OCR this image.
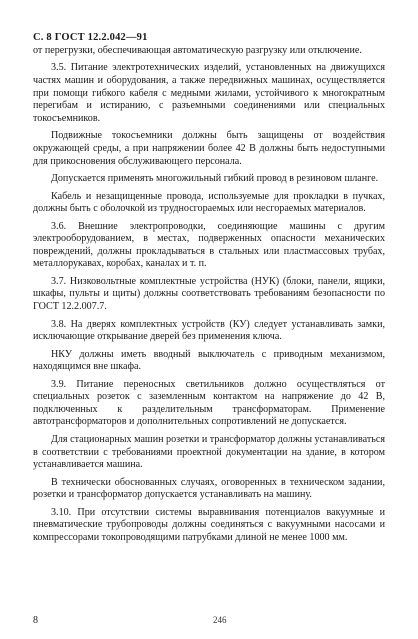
С. 8 ГОСТ 12.2.042—91

от перегрузки, обеспечивающая автоматическую разгрузку или отключение.

3.5. Питание электротехнических изделий, установленных на движущихся частях машин и оборудования, а также передвижных машинах, осуществляется при помощи гибкого кабеля с медными жилами, устойчивого к многократным перегибам и истиранию, с разъемными соединениями или специальных токосъемников.

Подвижные токосъемники должны быть защищены от воздействия окружающей среды, а при напряжении более 42 В должны быть недоступными для прикосновения обслуживающего персонала.

Допускается применять многожильный гибкий провод в резиновом шланге.

Кабель и незащищенные провода, используемые для прокладки в пучках, должны быть с оболочкой из трудносгораемых или несгораемых материалов.

3.6. Внешние электропроводки, соединяющие машины с другим электрооборудованием, в местах, подверженных опасности механических повреждений, должны прокладываться в стальных или пластмассовых трубах, металлорукавах, коробах, каналах и т. п.

3.7. Низковольтные комплектные устройства (НУК) (блоки, панели, ящики, шкафы, пульты и щиты) должны соответствовать требованиям безопасности по ГОСТ 12.2.007.7.

3.8. На дверях комплектных устройств (КУ) следует устанавливать замки, исключающие открывание дверей без применения ключа.

НКУ должны иметь вводный выключатель с приводным механизмом, находящимся вне шкафа.

3.9. Питание переносных светильников должно осуществляться от специальных розеток с заземленным контактом на напряжение до 42 В, подключенных к разделительным трансформаторам. Применение автотрансформаторов и дополнительных сопротивлений не допускается.

Для стационарных машин розетки и трансформатор должны устанавливаться в соответствии с требованиями проектной документации на здание, в котором устанавливается машина.

В технически обоснованных случаях, оговоренных в техническом задании, розетки и трансформатор допускается устанавливать на машину.

3.10. При отсутствии системы выравнивания потенциалов вакуумные и пневматические трубопроводы должны соединяться с вакуумными насосами и компрессорами токопроводящими патрубками длиной не менее 1000 мм.

8	246
